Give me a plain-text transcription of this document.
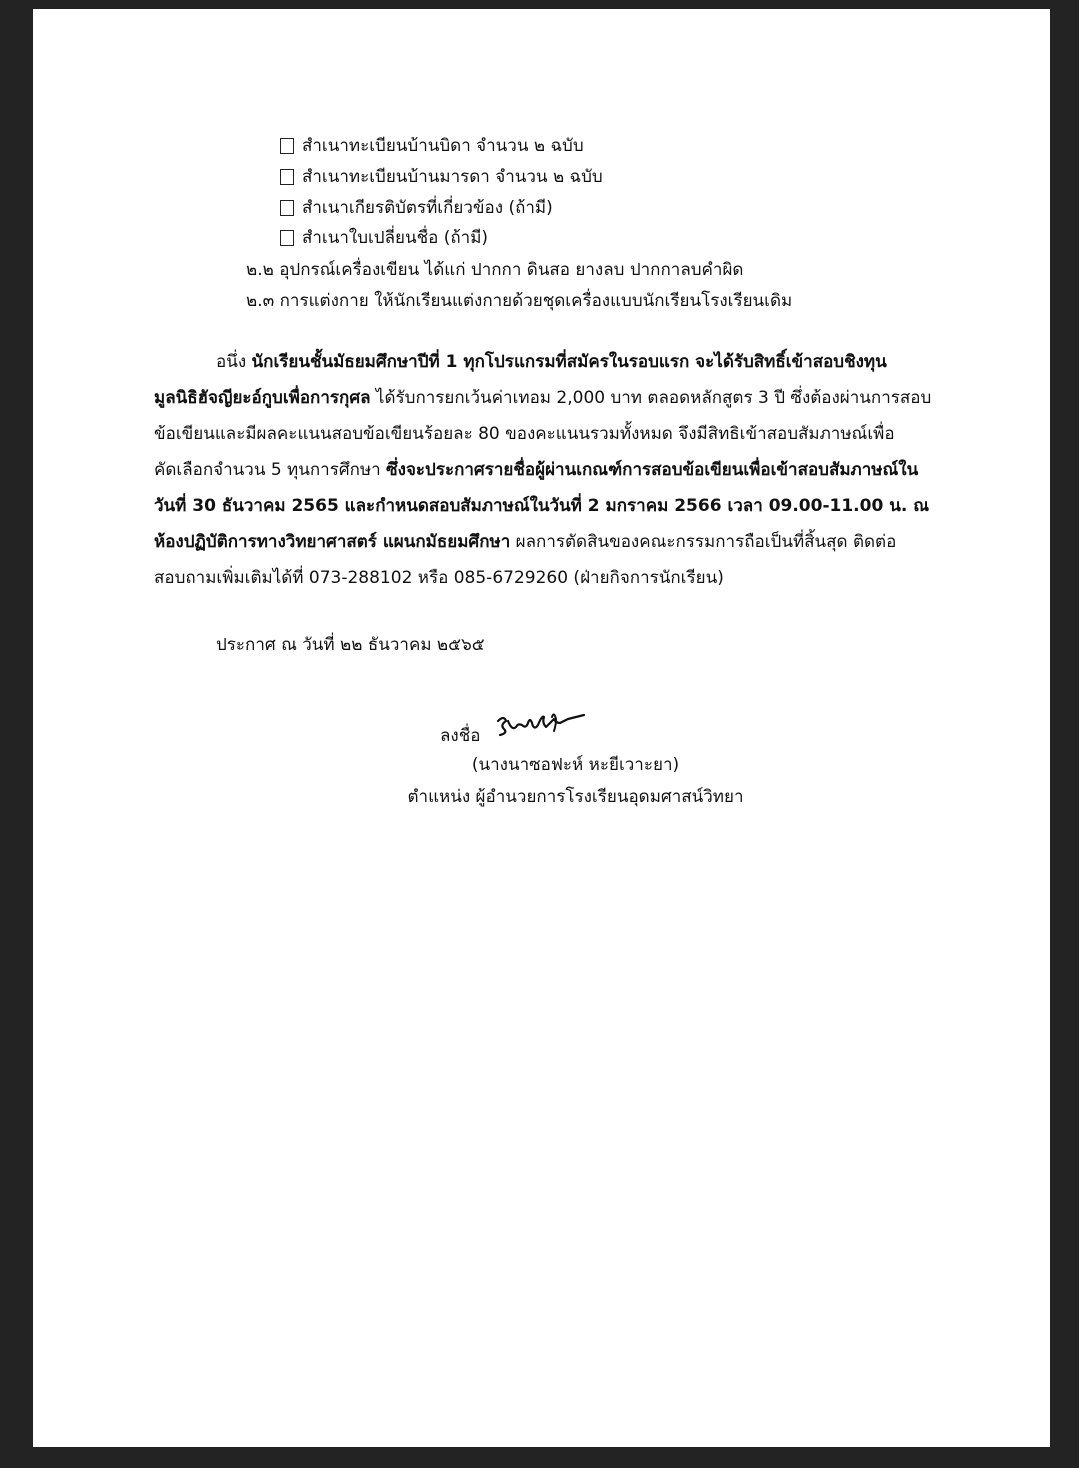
สำเนาทะเบียนบ้านบิดา จำนวน ๒ ฉบับ
สำเนาทะเบียนบ้านมารดา จำนวน ๒ ฉบับ
สำเนาเกียรติบัตรที่เกี่ยวข้อง (ถ้ามี)
สำเนาใบเปลี่ยนชื่อ (ถ้ามี)
๒.๒ อุปกรณ์เครื่องเขียน ได้แก่ ปากกา ดินสอ ยางลบ ปากกาลบคำผิด
๒.๓ การแต่งกาย ให้นักเรียนแต่งกายด้วยชุดเครื่องแบบนักเรียนโรงเรียนเดิม
อนึ่ง นักเรียนชั้นมัธยมศึกษาปีที่ 1 ทุกโปรแกรมที่สมัครในรอบแรก จะได้รับสิทธิ์เข้าสอบชิงทุน
มูลนิธิฮัจญียะอ์กูบเพื่อการกุศล ได้รับการยกเว้นค่าเทอม 2,000 บาท ตลอดหลักสูตร 3 ปี ซึ่งต้องผ่านการสอบ
ข้อเขียนและมีผลคะแนนสอบข้อเขียนร้อยละ 80 ของคะแนนรวมทั้งหมด จึงมีสิทธิเข้าสอบสัมภาษณ์เพื่อ
คัดเลือกจำนวน 5 ทุนการศึกษา ซึ่งจะประกาศรายชื่อผู้ผ่านเกณฑ์การสอบข้อเขียนเพื่อเข้าสอบสัมภาษณ์ใน
วันที่ 30 ธันวาคม 2565 และกำหนดสอบสัมภาษณ์ในวันที่ 2 มกราคม 2566 เวลา 09.00-11.00 น. ณ
ห้องปฏิบัติการทางวิทยาศาสตร์ แผนกมัธยมศึกษา ผลการตัดสินของคณะกรรมการถือเป็นที่สิ้นสุด ติดต่อ
สอบถามเพิ่มเติมได้ที่ 073-288102 หรือ 085-6729260 (ฝ่ายกิจการนักเรียน)
ประกาศ ณ วันที่ ๒๒ ธันวาคม ๒๕๖๕
ลงชื่อ
(นางนาซอฟะห์ หะยีเวาะยา)
ตำแหน่ง ผู้อำนวยการโรงเรียนอุดมศาสน์วิทยา
